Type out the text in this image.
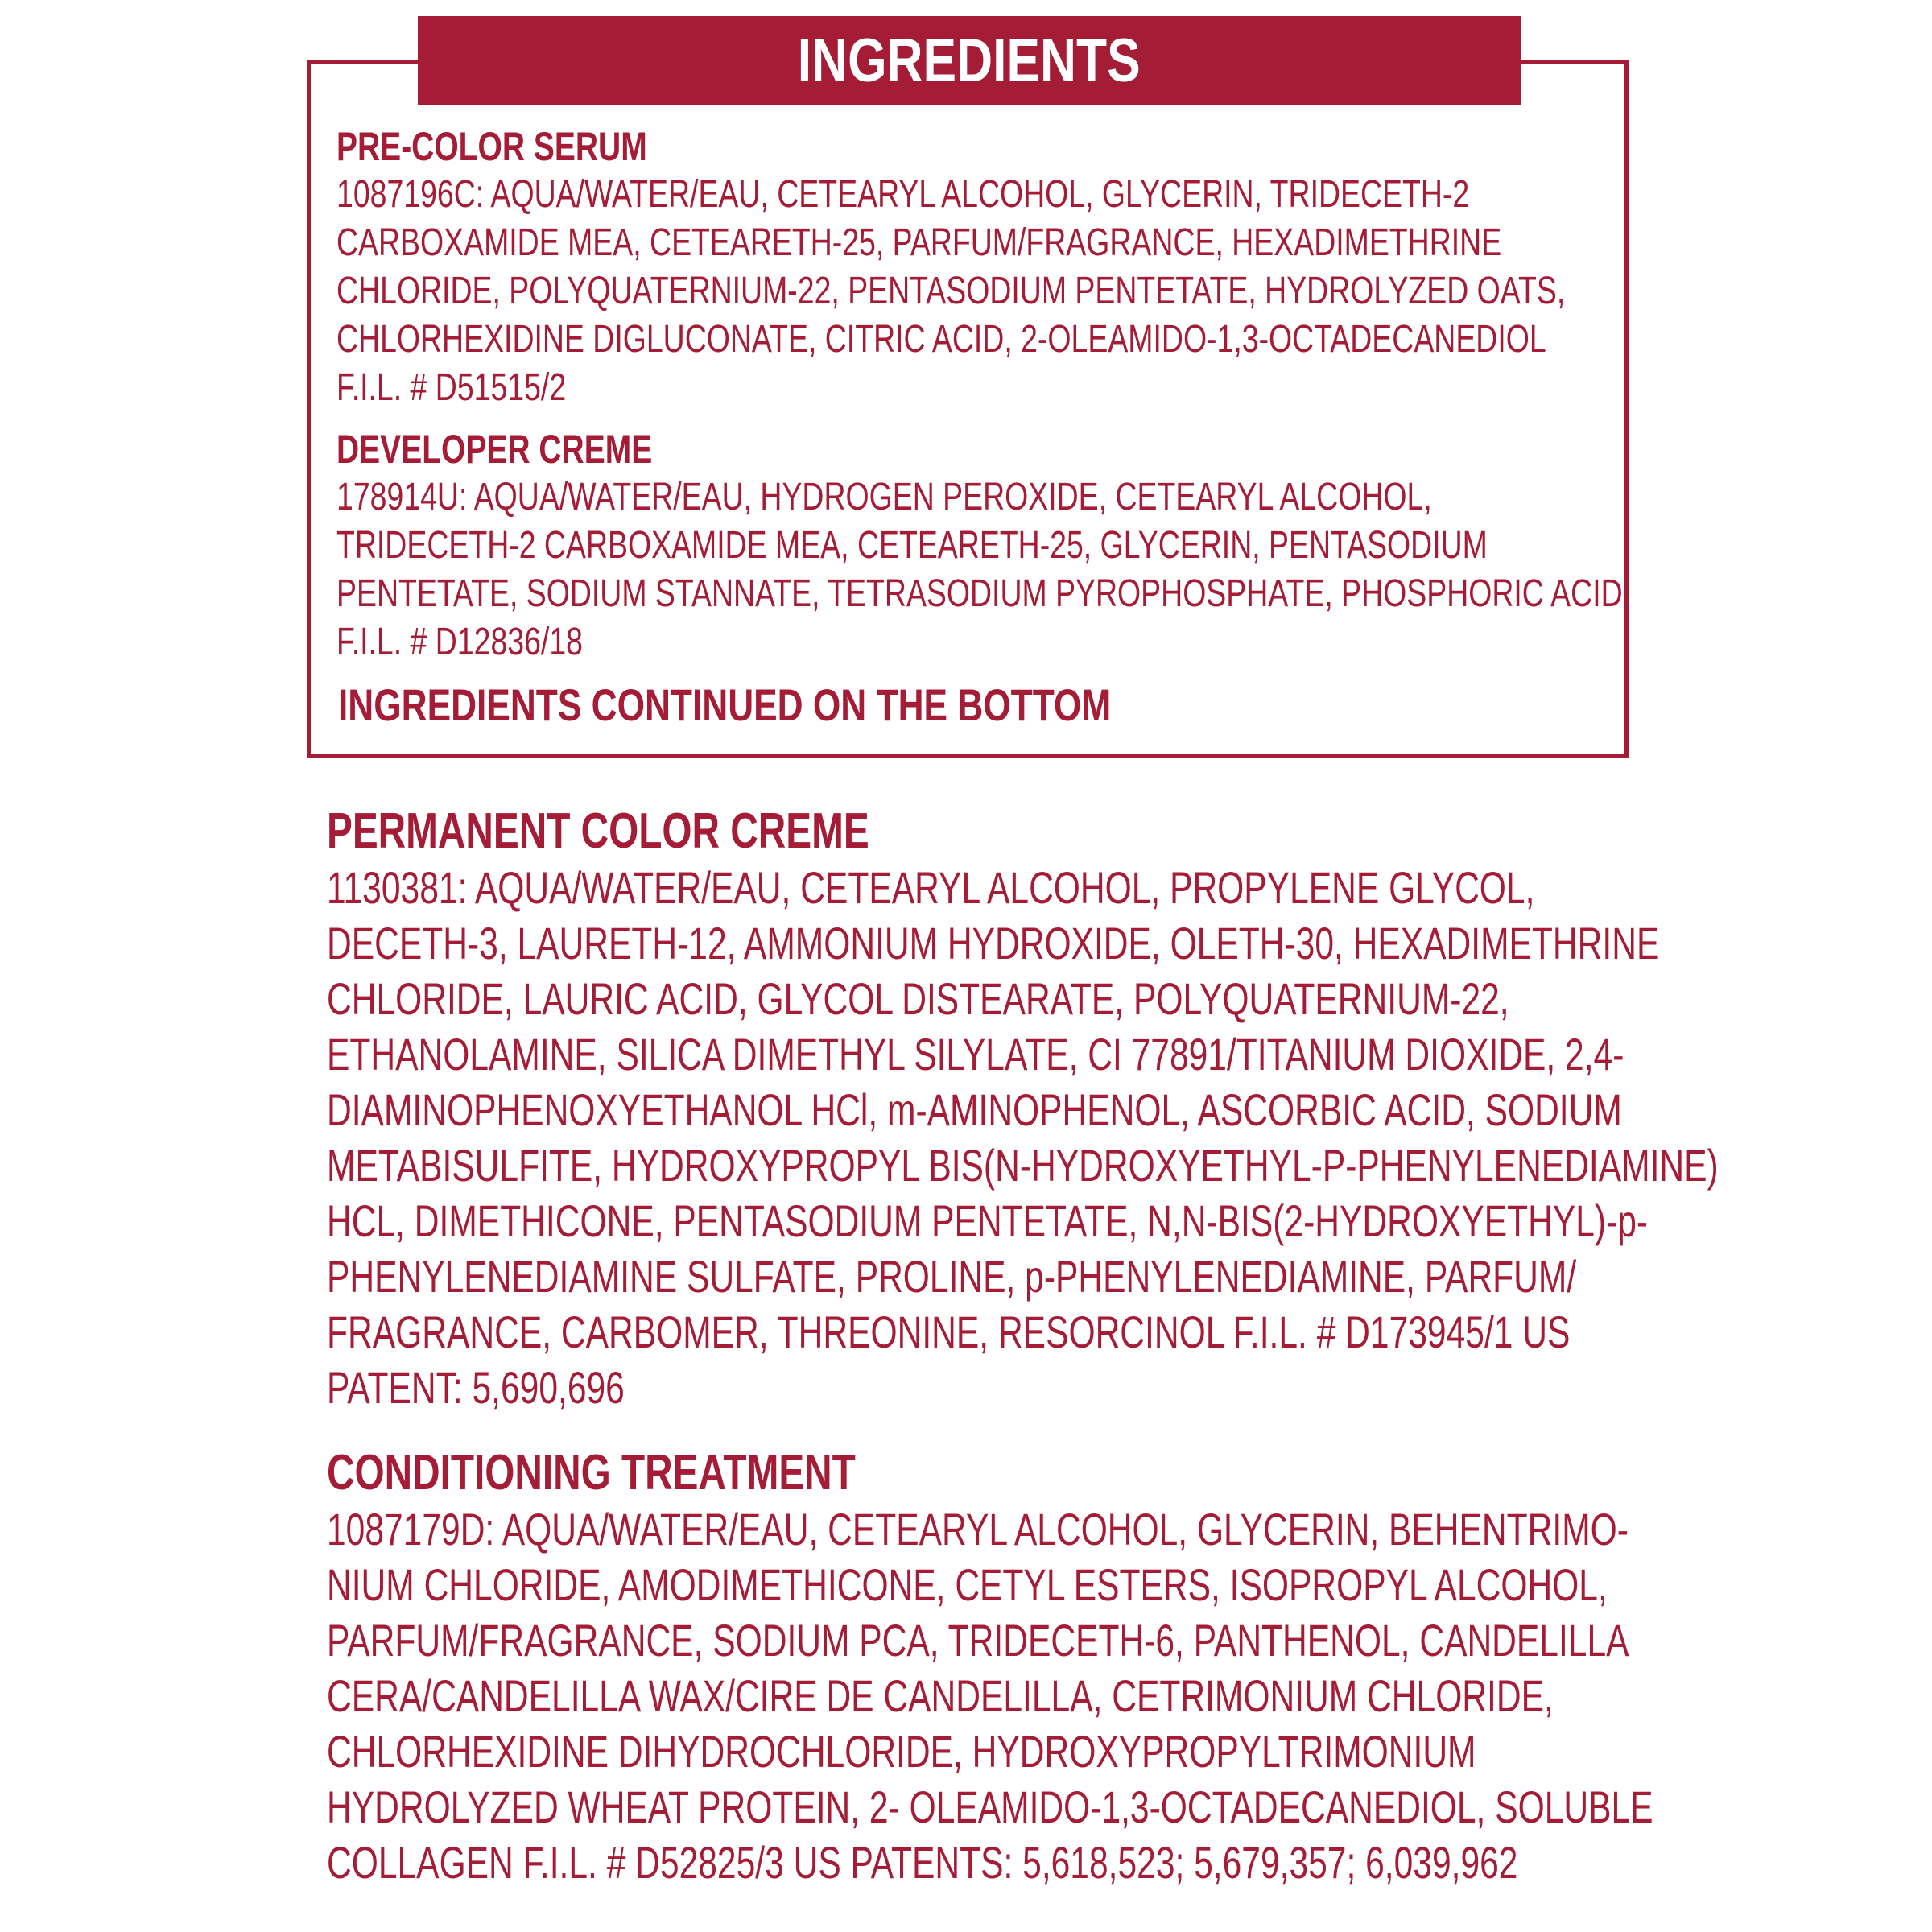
INGREDIENTS
PRE-COLOR SERUM
1087196C: AQUA/WATER/EAU, CETEARYL ALCOHOL, GLYCERIN, TRIDECETH-2
CARBOXAMIDE MEA, CETEARETH-25, PARFUM/FRAGRANCE, HEXADIMETHRINE
CHLORIDE, POLYQUATERNIUM-22, PENTASODIUM PENTETATE, HYDROLYZED OATS,
CHLORHEXIDINE DIGLUCONATE, CITRIC ACID, 2-OLEAMIDO-1,3-OCTADECANEDIOL
F.I.L. # D51515/2
DEVELOPER CREME
178914U: AQUA/WATER/EAU, HYDROGEN PEROXIDE, CETEARYL ALCOHOL,
TRIDECETH-2 CARBOXAMIDE MEA, CETEARETH-25, GLYCERIN, PENTASODIUM
PENTETATE, SODIUM STANNATE, TETRASODIUM PYROPHOSPHATE, PHOSPHORIC ACID
F.I.L. # D12836/18
INGREDIENTS CONTINUED ON THE BOTTOM
PERMANENT COLOR CREME
1130381: AQUA/WATER/EAU, CETEARYL ALCOHOL, PROPYLENE GLYCOL,
DECETH-3, LAURETH-12, AMMONIUM HYDROXIDE, OLETH-30, HEXADIMETHRINE
CHLORIDE, LAURIC ACID, GLYCOL DISTEARATE, POLYQUATERNIUM-22,
ETHANOLAMINE, SILICA DIMETHYL SILYLATE, CI 77891/TITANIUM DIOXIDE, 2,4-
DIAMINOPHENOXYETHANOL HCl, m-AMINOPHENOL, ASCORBIC ACID, SODIUM
METABISULFITE, HYDROXYPROPYL BIS(N-HYDROXYETHYL-P-PHENYLENEDIAMINE)
HCL, DIMETHICONE, PENTASODIUM PENTETATE, N,N-BIS(2-HYDROXYETHYL)-p-
PHENYLENEDIAMINE SULFATE, PROLINE, p-PHENYLENEDIAMINE, PARFUM/
FRAGRANCE, CARBOMER, THREONINE, RESORCINOL F.I.L. # D173945/1 US
PATENT: 5,690,696
CONDITIONING TREATMENT
1087179D: AQUA/WATER/EAU, CETEARYL ALCOHOL, GLYCERIN, BEHENTRIMO-
NIUM CHLORIDE, AMODIMETHICONE, CETYL ESTERS, ISOPROPYL ALCOHOL,
PARFUM/FRAGRANCE, SODIUM PCA, TRIDECETH-6, PANTHENOL, CANDELILLA
CERA/CANDELILLA WAX/CIRE DE CANDELILLA, CETRIMONIUM CHLORIDE,
CHLORHEXIDINE DIHYDROCHLORIDE, HYDROXYPROPYLTRIMONIUM
HYDROLYZED WHEAT PROTEIN, 2- OLEAMIDO-1,3-OCTADECANEDIOL, SOLUBLE
COLLAGEN F.I.L. # D52825/3 US PATENTS: 5,618,523; 5,679,357; 6,039,962
